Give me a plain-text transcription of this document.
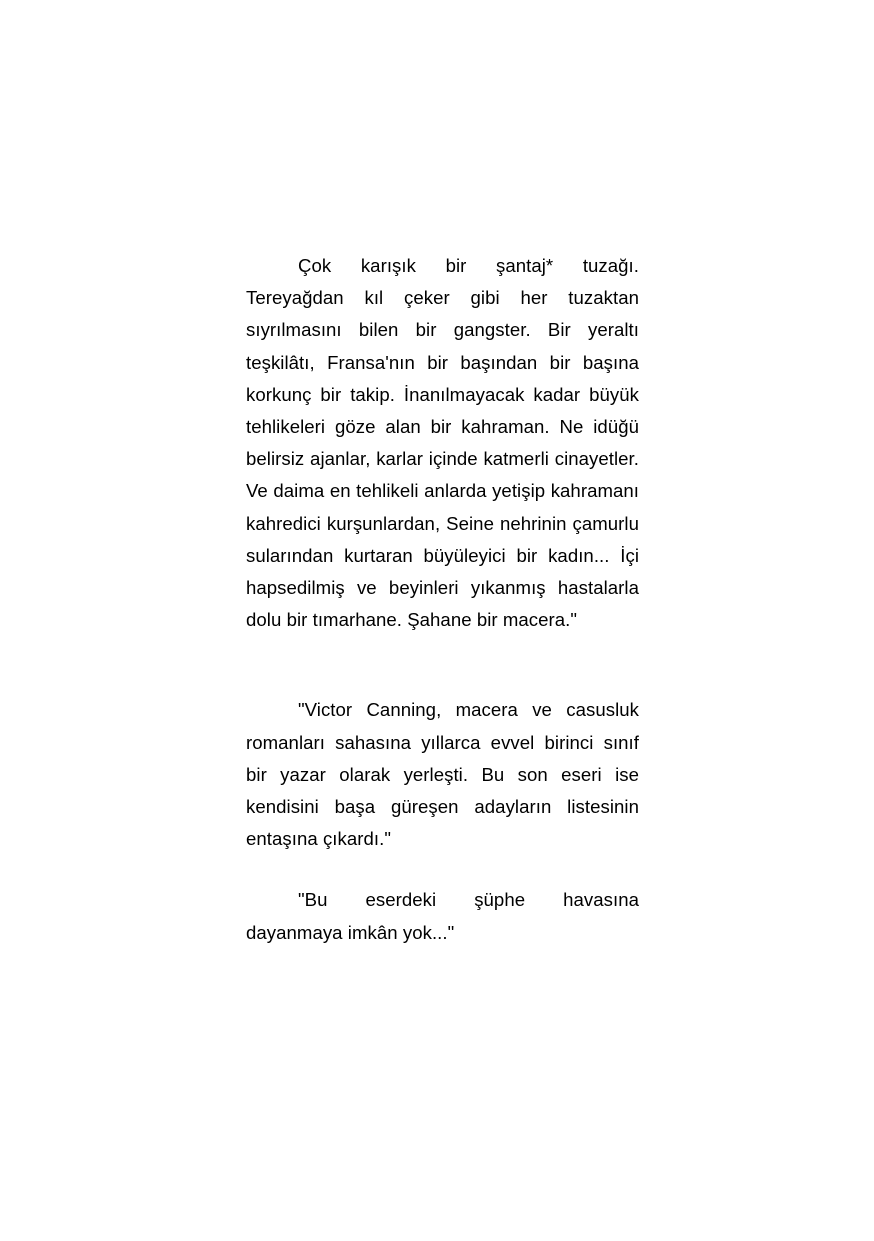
Çok karışık bir şantaj* tuzağı. Tereyağdan kıl çeker gibi her tuzaktan sıyrılmasını bilen bir gangster. Bir yeraltı teşkilâtı, Fransa'nın bir başından bir başına korkunç bir takip. İnanılmayacak kadar büyük tehlikeleri göze alan bir kahraman. Ne idüğü belirsiz ajanlar, karlar içinde katmerli cinayetler. Ve daima en tehlikeli anlarda yetişip kahramanı kahredici kurşunlardan, Seine nehrinin çamurlu sularından kurtaran büyüleyici bir kadın... İçi hapsedilmiş ve beyinleri yıkanmış hastalarla dolu bir tımarhane. Şahane bir macera."

"Victor Canning, macera ve casusluk romanları sahasına yıllarca evvel birinci sınıf bir yazar olarak yerleşti. Bu son eseri ise kendisini başa güreşen adayların listesinin entaşına çıkardı."

"Bu eserdeki şüphe havasına dayanmaya imkân yok..."
